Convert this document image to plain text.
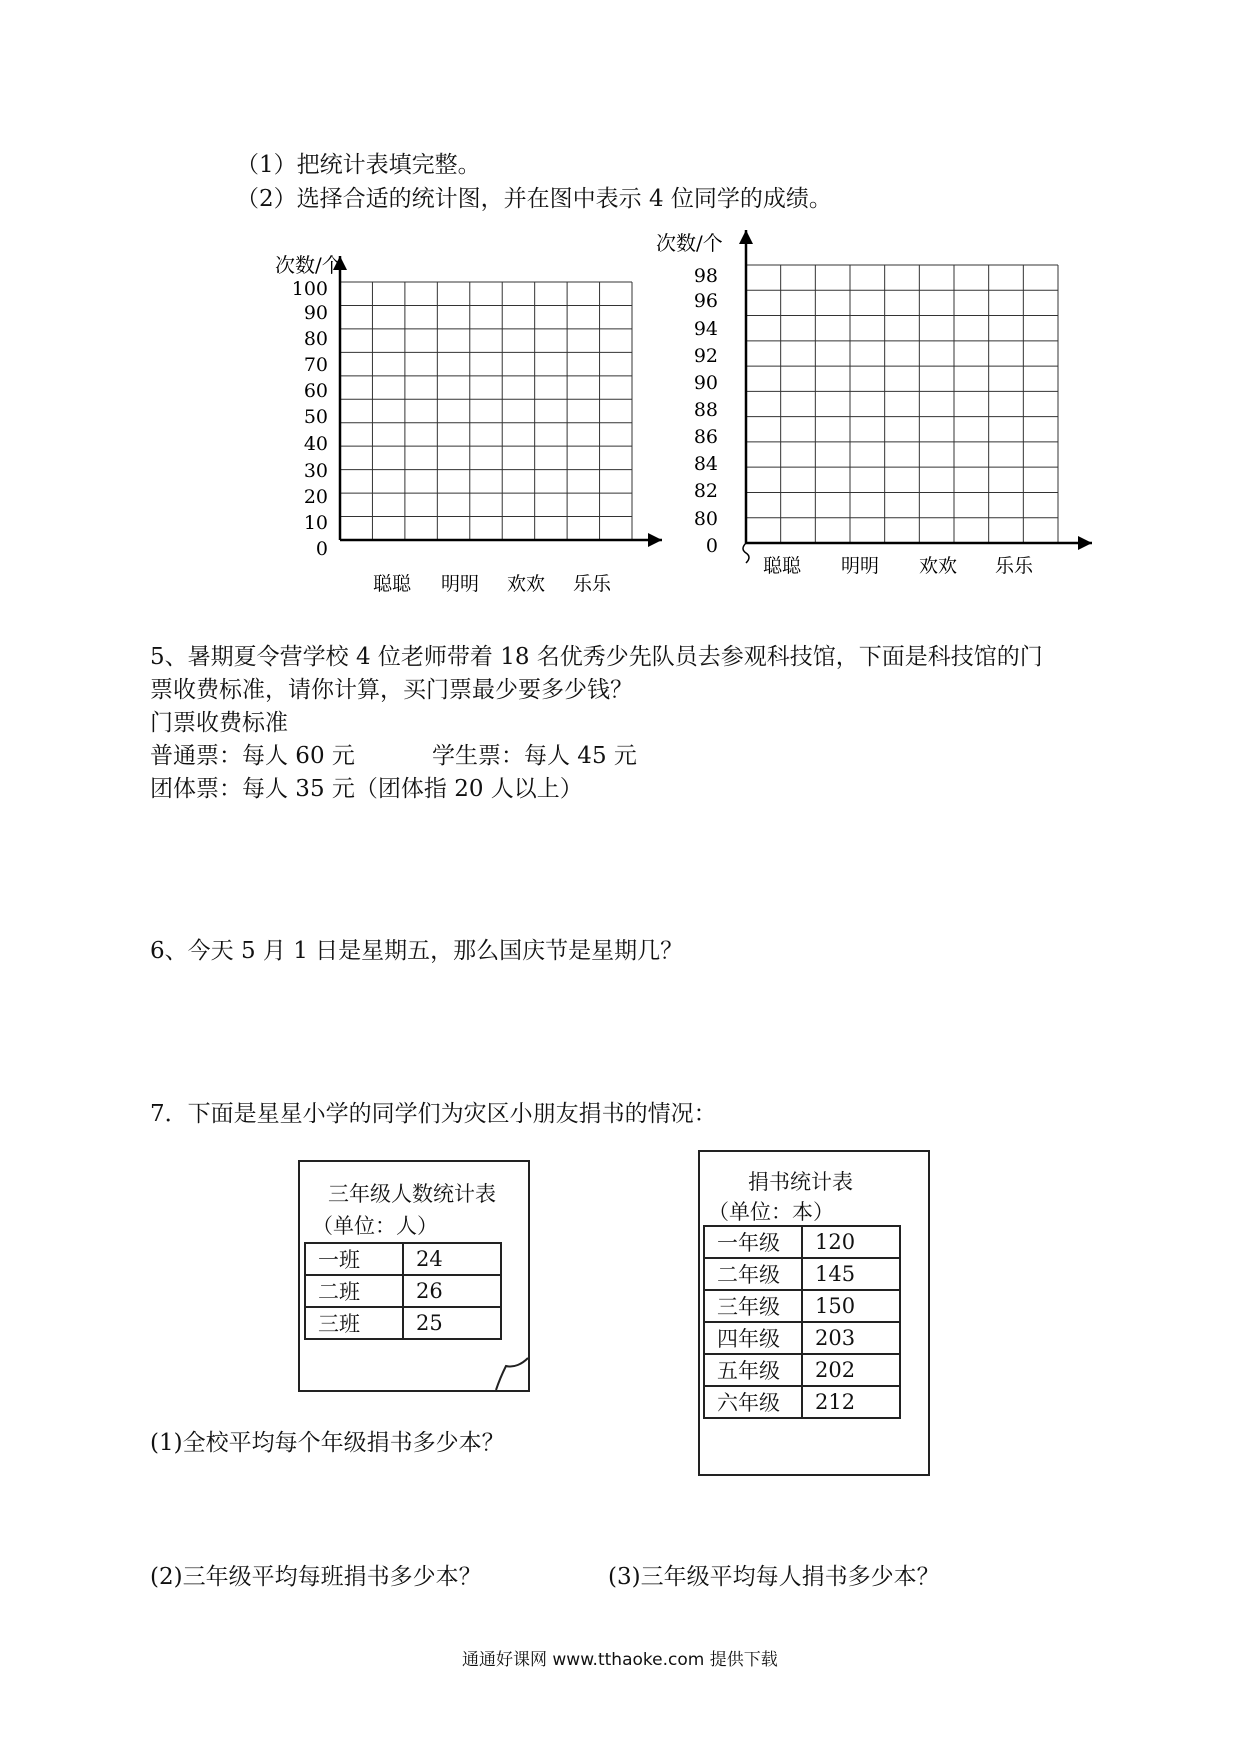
（1）把统计表填完整。
（2）选择合适的统计图，并在图中表示 4 位同学的成绩。
次数/个
0
10
20
30
40
50
60
70
80
90
100
聪聪 明明 欢欢 乐乐
次数/个
0
80
82
84
86
88
90
92
94
96
98
聪聪 明明 欢欢 乐乐
5、暑期夏令营学校 4 位老师带着 18 名优秀少先队员去参观科技馆，下面是科技馆的门
票收费标准，请你计算，买门票最少要多少钱？
门票收费标准
普通票：每人 60 元	学生票：每人 45 元
团体票：每人 35 元（团体指 20 人以上）
6、今天 5 月 1 日是星期五，那么国庆节是星期几？
7．下面是星星小学的同学们为灾区小朋友捐书的情况：
三年级人数统计表
（单位：人）
一班	24
二班	26
三班	25
捐书统计表
（单位：本）
一年级	120
二年级	145
三年级	150
四年级	203
五年级	202
六年级	212
(1)全校平均每个年级捐书多少本？
(2)三年级平均每班捐书多少本？	(3)三年级平均每人捐书多少本？
通通好课网 www.tthaoke.com 提供下载
